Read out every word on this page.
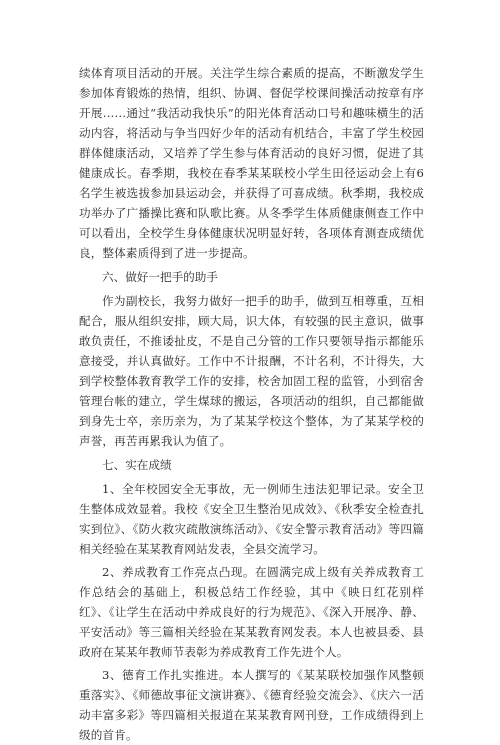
续体育项目活动的开展。关注学生综合素质的提高，不断激发学生参加体育锻炼的热情，组织、协调、督促学校课间操活动按章有序开展……通过“我活动我快乐”的阳光体育活动口号和趣味横生的活动内容，将活动与争当四好少年的活动有机结合，丰富了学生校园群体健康活动，又培养了学生参与体育活动的良好习惯，促进了其健康成长。春季期，我校在春季某某联校小学生田径运动会上有6名学生被选拔参加县运动会，并获得了可喜成绩。秋季期，我校成功举办了广播操比赛和队歌比赛。从冬季学生体质健康侧查工作中可以看出，全校学生身体健康状况明显好转，各项体育测查成绩优良，整体素质得到了进一步提高。

六、做好一把手的助手

作为副校长，我努力做好一把手的助手，做到互相尊重，互相配合，服从组织安排，顾大局，识大体，有较强的民主意识，做事敢负责任，不推诿扯皮，不是自己分管的工作只要领导指示都能乐意接受，并认真做好。工作中不计报酬，不计名利，不计得失，大到学校整体教育教学工作的安排，校舍加固工程的监管，小到宿舍管理台帐的建立，学生煤球的搬运，各项活动的组织，自己都能做到身先士卒，亲历亲为，为了某某学校这个整体，为了某某学校的声誉，再苦再累我认为值了。

七、实在成绩

1、全年校园安全无事故，无一例师生违法犯罪记录。安全卫生整体成效显着。我校《安全卫生整治见成效》、《秋季安全检查扎实到位》、《防火救灾疏散演练活动》、《安全警示教育活动》等四篇相关经验在某某教育网站发表，全县交流学习。

2、养成教育工作亮点凸现。在圆满完成上级有关养成教育工作总结会的基础上，积极总结工作经验，其中《映日红花别样红》、《让学生在活动中养成良好的行为规范》、《深入开展净、静、平安活动》等三篇相关经验在某某教育网发表。本人也被县委、县政府在某某年教师节表彰为养成教育工作先进个人。

3、德育工作扎实推进。本人撰写的《某某联校加强作风整顿重落实》、《师德故事征文演讲赛》、《德育经验交流会》、《庆六一活动丰富多彩》等四篇相关报道在某某教育网刊登，工作成绩得到上级的首肯。
